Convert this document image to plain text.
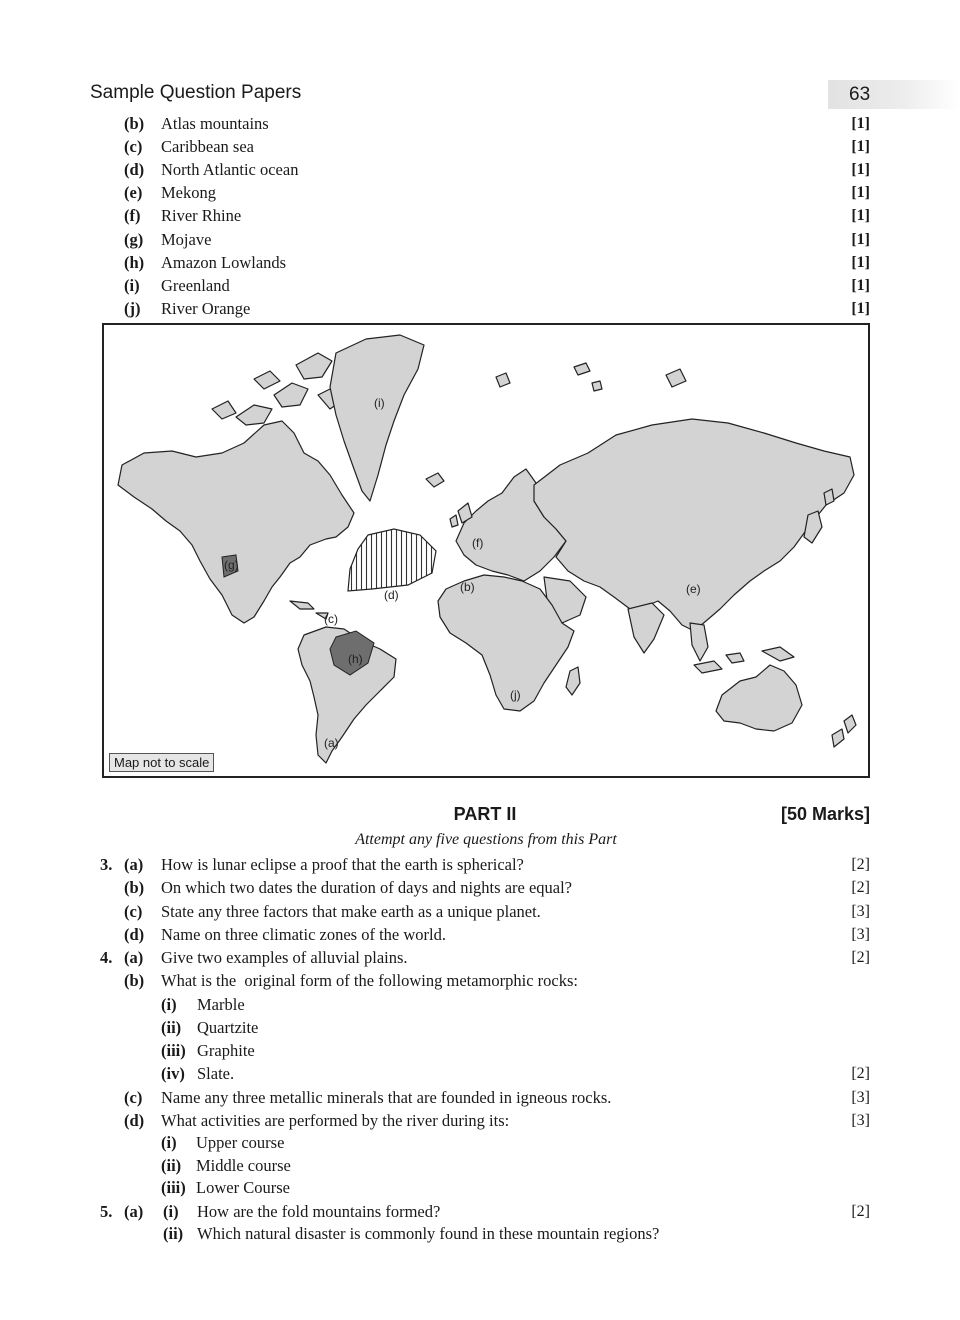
Sample Question Papers	63
(b) Atlas mountains	[1]
(c) Caribbean sea	[1]
(d) North Atlantic ocean	[1]
(e) Mekong	[1]
(f) River Rhine	[1]
(g) Mojave	[1]
(h) Amazon Lowlands	[1]
(i) Greenland	[1]
(j) River Orange	[1]
(i)
(g)
(f)
(b)
(d)
(c)
(h)
(e)
(j)
(a)
Map not to scale
PART II	[50 Marks]
Attempt any five questions from this Part
3. (a) How is lunar eclipse a proof that the earth is spherical?	[2]
(b) On which two dates the duration of days and nights are equal?	[2]
(c) State any three factors that make earth as a unique planet.	[3]
(d) Name on three climatic zones of the world.	[3]
4. (a) Give two examples of alluvial plains.	[2]
(b) What is the  original form of the following metamorphic rocks:
(i) Marble
(ii) Quartzite
(iii) Graphite
(iv) Slate.	[2]
(c) Name any three metallic minerals that are founded in igneous rocks.	[3]
(d) What activities are performed by the river during its:	[3]
(i) Upper course
(ii) Middle course
(iii) Lower Course
5. (a) (i) How are the fold mountains formed?	[2]
(ii) Which natural disaster is commonly found in these mountain regions?
